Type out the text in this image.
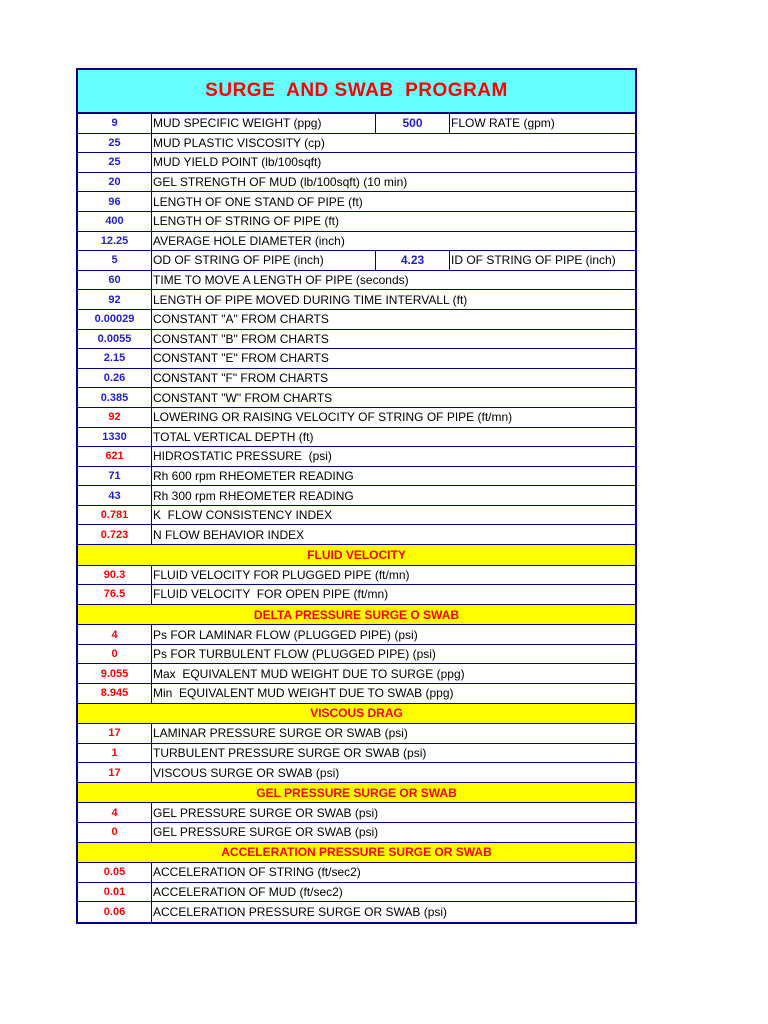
SURGE  AND SWAB  PROGRAM
9	MUD SPECIFIC WEIGHT (ppg)	500	FLOW RATE (gpm)
25	MUD PLASTIC VISCOSITY (cp)
25	MUD YIELD POINT (lb/100sqft)
20	GEL STRENGTH OF MUD (lb/100sqft) (10 min)
96	LENGTH OF ONE STAND OF PIPE (ft)
400	LENGTH OF STRING OF PIPE (ft)
12.25	AVERAGE HOLE DIAMETER (inch)
5	OD OF STRING OF PIPE (inch)	4.23	ID OF STRING OF PIPE (inch)
60	TIME TO MOVE A LENGTH OF PIPE (seconds)
92	LENGTH OF PIPE MOVED DURING TIME INTERVALL (ft)
0.00029	CONSTANT "A" FROM CHARTS
0.0055	CONSTANT "B" FROM CHARTS
2.15	CONSTANT "E" FROM CHARTS
0.26	CONSTANT "F" FROM CHARTS
0.385	CONSTANT "W" FROM CHARTS
92	LOWERING OR RAISING VELOCITY OF STRING OF PIPE (ft/mn)
1330	TOTAL VERTICAL DEPTH (ft)
621	HIDROSTATIC PRESSURE  (psi)
71	Rh 600 rpm RHEOMETER READING
43	Rh 300 rpm RHEOMETER READING
0.781	K  FLOW CONSISTENCY INDEX
0.723	N FLOW BEHAVIOR INDEX
FLUID VELOCITY
90.3	FLUID VELOCITY FOR PLUGGED PIPE (ft/mn)
76.5	FLUID VELOCITY  FOR OPEN PIPE (ft/mn)
DELTA PRESSURE SURGE O SWAB
4	Ps FOR LAMINAR FLOW (PLUGGED PIPE) (psi)
0	Ps FOR TURBULENT FLOW (PLUGGED PIPE) (psi)
9.055	Max  EQUIVALENT MUD WEIGHT DUE TO SURGE (ppg)
8.945	Min  EQUIVALENT MUD WEIGHT DUE TO SWAB (ppg)
VISCOUS DRAG
17	LAMINAR PRESSURE SURGE OR SWAB (psi)
1	TURBULENT PRESSURE SURGE OR SWAB (psi)
17	VISCOUS SURGE OR SWAB (psi)
GEL PRESSURE SURGE OR SWAB
4	GEL PRESSURE SURGE OR SWAB (psi)
0	GEL PRESSURE SURGE OR SWAB (psi)
ACCELERATION PRESSURE SURGE OR SWAB
0.05	ACCELERATION OF STRING (ft/sec2)
0.01	ACCELERATION OF MUD (ft/sec2)
0.06	ACCELERATION PRESSURE SURGE OR SWAB (psi)
